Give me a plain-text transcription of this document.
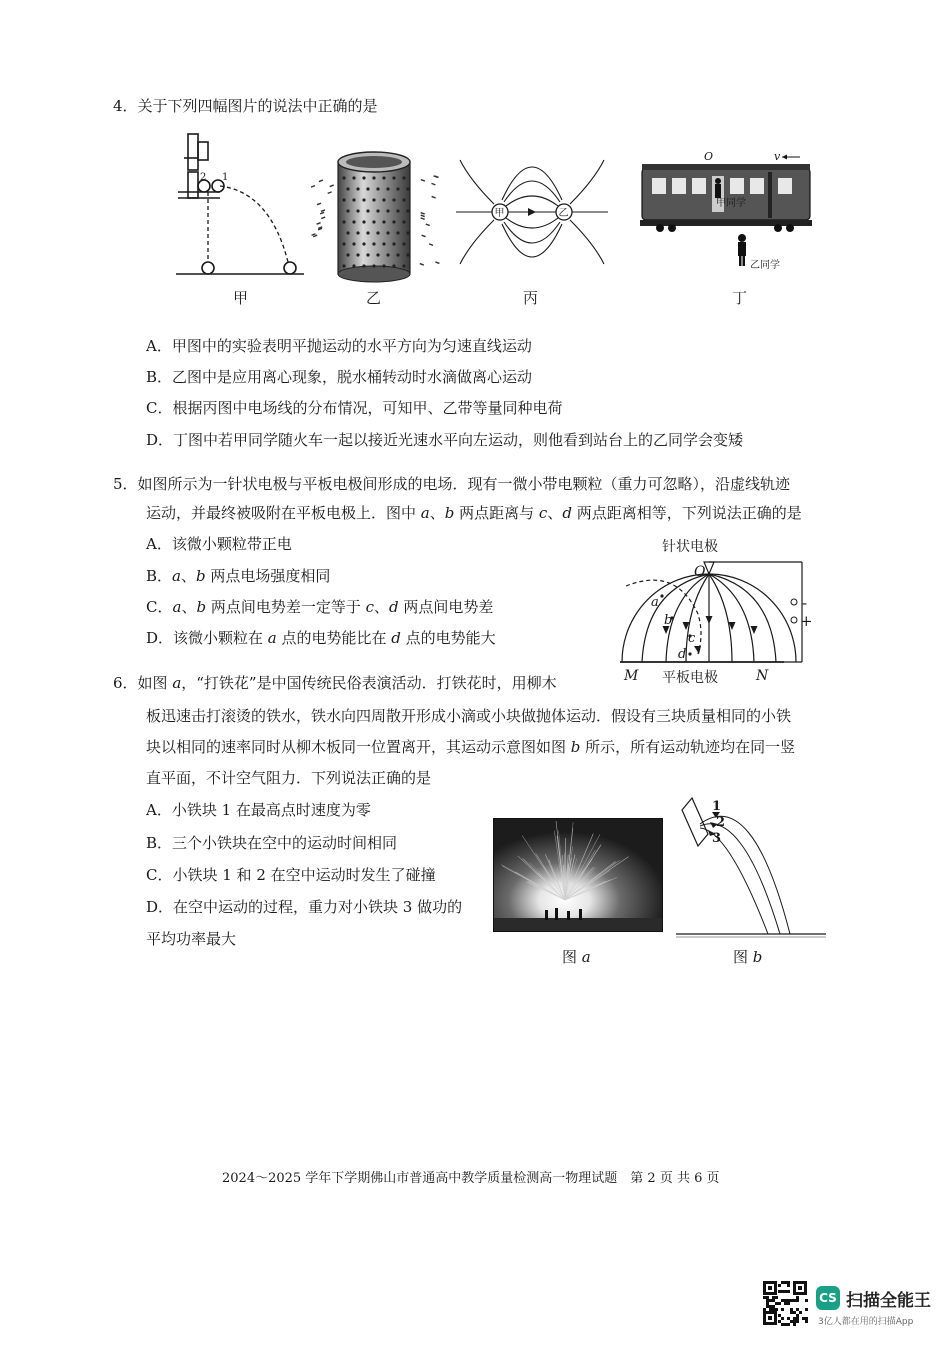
4．关于下列四幅图片的说法中正确的是
2 1
甲	乙
甲	乙
丙
O	v
甲同学
乙同学
丁
A．甲图中的实验表明平抛运动的水平方向为匀速直线运动
B．乙图中是应用离心现象，脱水桶转动时水滴做离心运动
C．根据丙图中电场线的分布情况，可知甲、乙带等量同种电荷
D．丁图中若甲同学随火车一起以接近光速水平向左运动，则他看到站台上的乙同学会变矮
5．如图所示为一针状电极与平板电极间形成的电场．现有一微小带电颗粒（重力可忽略），沿虚线轨迹
运动，并最终被吸附在平板电极上．图中 a、b 两点距离与 c、d 两点距离相等，下列说法正确的是
A．该微小颗粒带正电
B．a、b 两点电场强度相同
C．a、b 两点间电势差一定等于 c、d 两点间电势差
D．该微小颗粒在 a 点的电势能比在 d 点的电势能大
针状电极
O
a
b
c
d
M 平板电极	N
-
+
6．如图 a，“打铁花”是中国传统民俗表演活动．打铁花时，用柳木
板迅速击打滚烫的铁水，铁水向四周散开形成小滴或小块做抛体运动．假设有三块质量相同的小铁
块以相同的速率同时从柳木板同一位置离开，其运动示意图如图 b 所示，所有运动轨迹均在同一竖
直平面，不计空气阻力．下列说法正确的是
A．小铁块 1 在最高点时速度为零
B．三个小铁块在空中的运动时间相同
C．小铁块 1 和 2 在空中运动时发生了碰撞
D．在空中运动的过程，重力对小铁块 3 做功的
平均功率最大
图 a
1
2
3
图 b
2024～2025 学年下学期佛山市普通高中教学质量检测高一物理试题　第 2 页 共 6 页
CS 扫描全能王
3亿人都在用的扫描App
